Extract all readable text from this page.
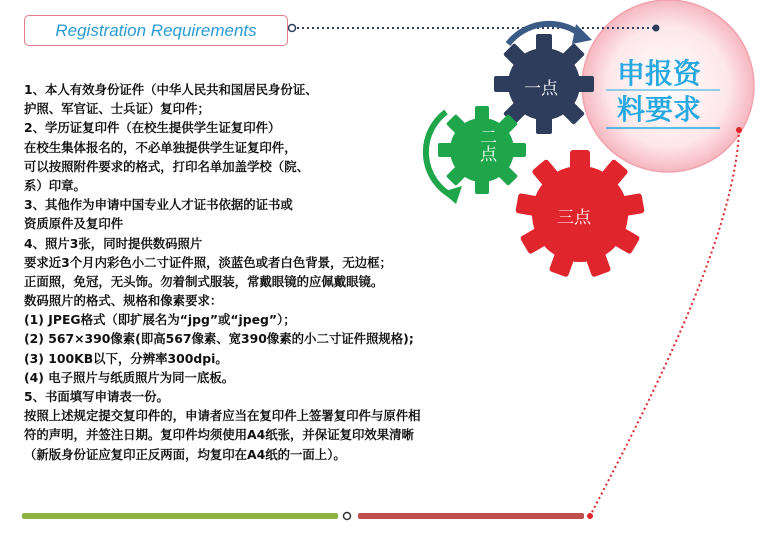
Registration Requirements
一点
二点
三点
申报资
料要求
1、本人有效身份证件（中华人民共和国居民身份证、
护照、军官证、士兵证）复印件；
2、学历证复印件（在校生提供学生证复印件）
在校生集体报名的，不必单独提供学生证复印件，
可以按照附件要求的格式，打印名单加盖学校（院、
系）印章。
3、其他作为申请中国专业人才证书依据的证书或
资质原件及复印件
4、照片3张，同时提供数码照片
要求近3个月内彩色小二寸证件照，淡蓝色或者白色背景，无边框；
正面照，免冠，无头饰。勿着制式服装，常戴眼镜的应佩戴眼镜。
数码照片的格式、规格和像素要求：
(1) JPEG格式（即扩展名为“jpg”或“jpeg”）；
(2) 567×390像素(即高567像素、宽390像素的小二寸证件照规格);
(3) 100KB以下，分辨率300dpi。
(4) 电子照片与纸质照片为同一底板。
5、书面填写申请表一份。
按照上述规定提交复印件的，申请者应当在复印件上签署复印件与原件相
符的声明，并签注日期。复印件均须使用A4纸张，并保证复印效果清晰
（新版身份证应复印正反两面，均复印在A4纸的一面上）。
